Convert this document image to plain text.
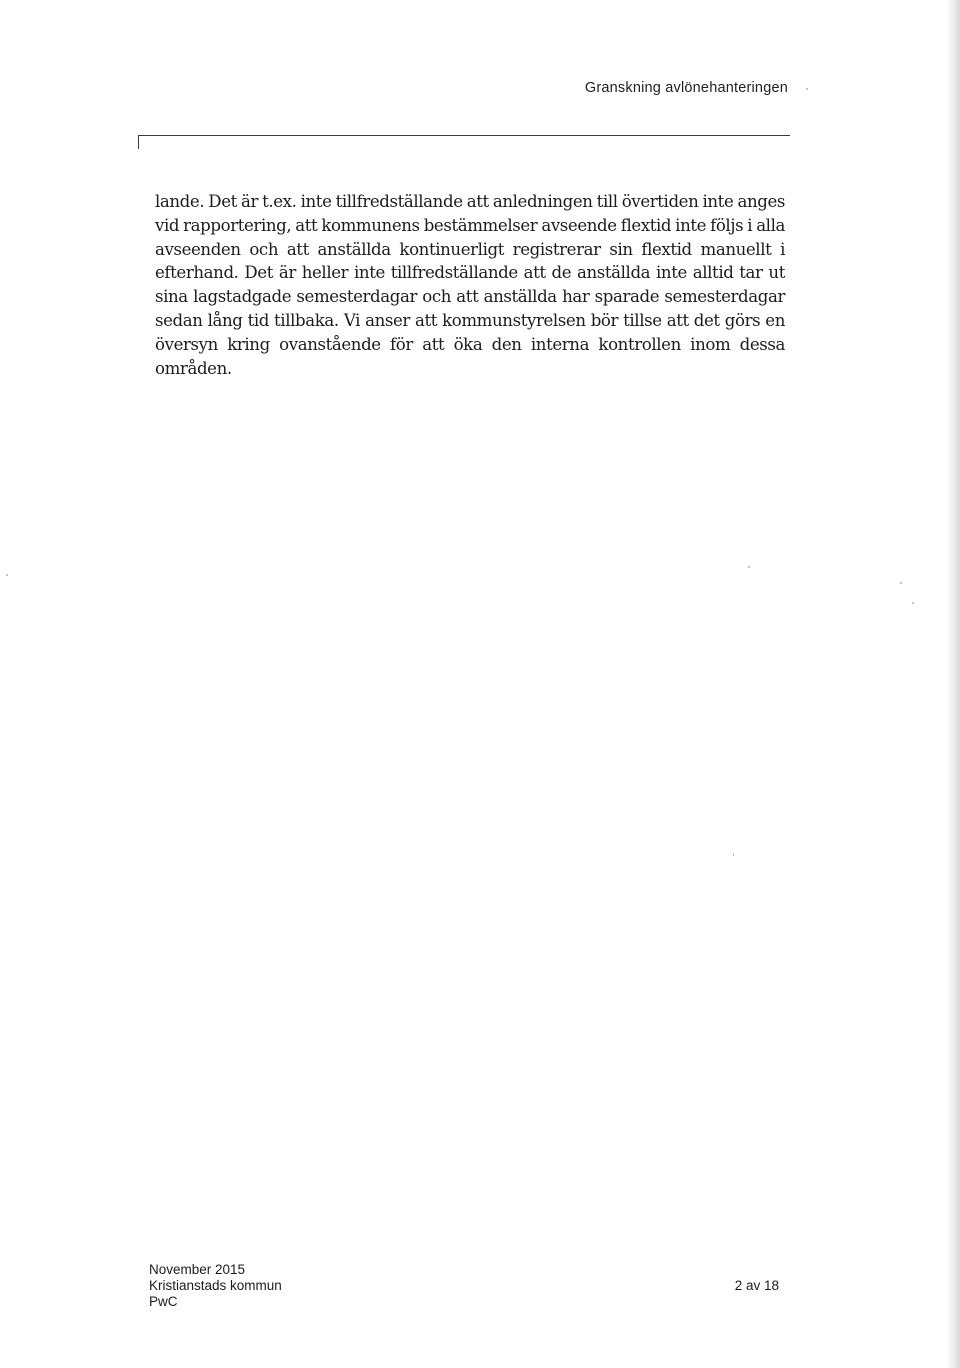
Granskning avlönehanteringen

lande. Det är t.ex. inte tillfredställande att anledningen till övertiden inte anges vid rapportering, att kommunens bestämmelser avseende flextid inte följs i alla avseenden och att anställda kontinuerligt registrerar sin flextid manuellt i efterhand. Det är heller inte tillfredställande att de anställda inte alltid tar ut sina lagstadgade semesterdagar och att anställda har sparade semesterdagar sedan lång tid tillbaka. Vi anser att kommunstyrelsen bör tillse att det görs en översyn kring ovanstående för att öka den interna kontrollen inom dessa områden.

November 2015
Kristianstads kommun
PwC
2 av 18
